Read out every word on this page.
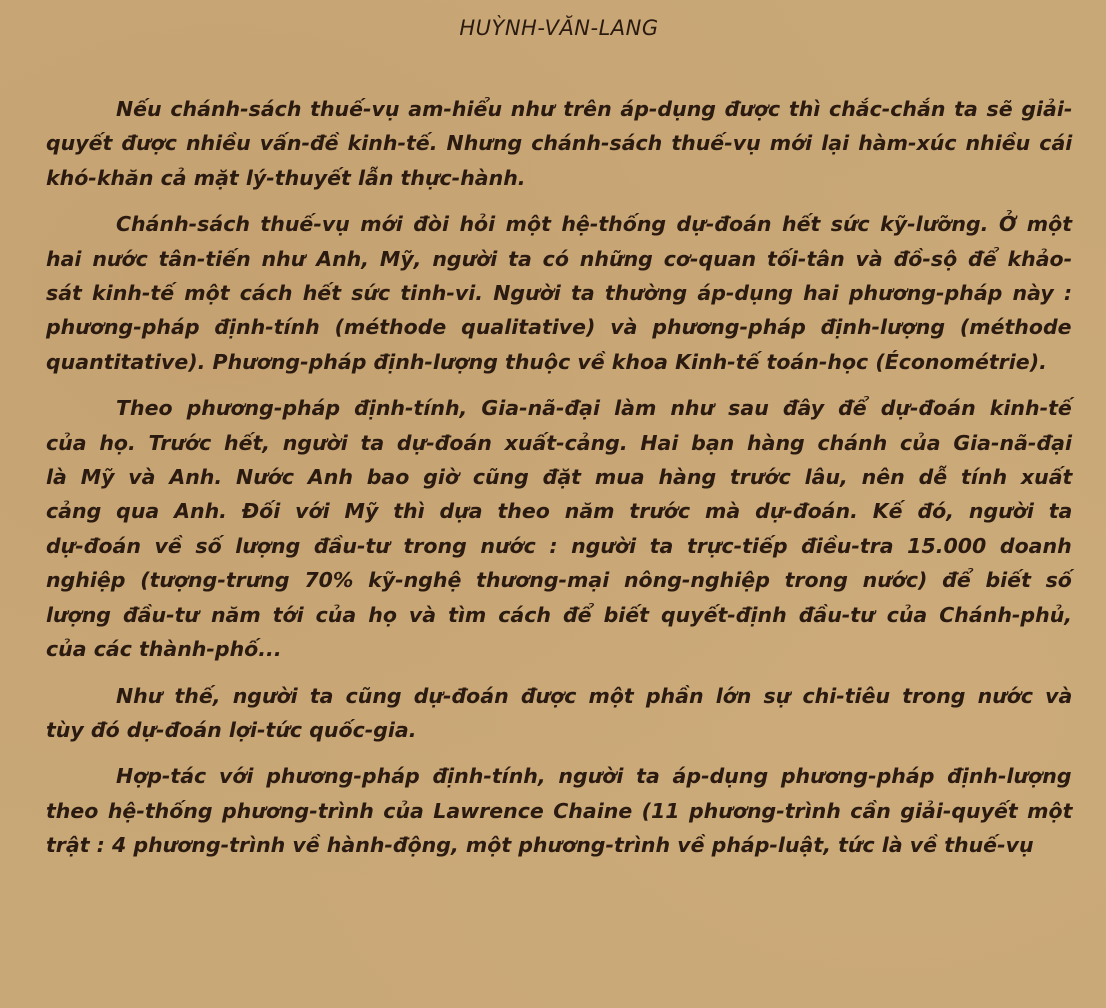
HUỲNH-VĂN-LANG
Nếu chánh-sách thuế-vụ am-hiểu như trên áp-dụng được thì chắc-chắn ta sẽ giải-
quyết được nhiều vấn-đề kinh-tế. Nhưng chánh-sách thuế-vụ mới lại hàm-xúc nhiều cái
khó-khăn cả mặt lý-thuyết lẫn thực-hành.
Chánh-sách thuế-vụ mới đòi hỏi một hệ-thống dự-đoán hết sức kỹ-lưỡng. Ở một
hai nước tân-tiến như Anh, Mỹ, người ta có những cơ-quan tối-tân và đồ-sộ để khảo-
sát kinh-tế một cách hết sức tinh-vi. Người ta thường áp-dụng hai phương-pháp này :
phương-pháp định-tính (méthode qualitative) và phương-pháp định-lượng (méthode
quantitative). Phương-pháp định-lượng thuộc về khoa Kinh-tế toán-học (Économétrie).
Theo phương-pháp định-tính, Gia-nã-đại làm như sau đây để dự-đoán kinh-tế
của họ. Trước hết, người ta dự-đoán xuất-cảng. Hai bạn hàng chánh của Gia-nã-đại
là Mỹ và Anh. Nước Anh bao giờ cũng đặt mua hàng trước lâu, nên dễ tính xuất
cảng qua Anh. Đối với Mỹ thì dựa theo năm trước mà dự-đoán. Kế đó, người ta
dự-đoán về số lượng đầu-tư trong nước : người ta trực-tiếp điều-tra 15.000 doanh
nghiệp (tượng-trưng 70% kỹ-nghệ thương-mại nông-nghiệp trong nước) để biết số
lượng đầu-tư năm tới của họ và tìm cách để biết quyết-định đầu-tư của Chánh-phủ,
của các thành-phố...
Như thế, người ta cũng dự-đoán được một phần lớn sự chi-tiêu trong nước và
tùy đó dự-đoán lợi-tức quốc-gia.
Hợp-tác với phương-pháp định-tính, người ta áp-dụng phương-pháp định-lượng
theo hệ-thống phương-trình của Lawrence Chaine (11 phương-trình cần giải-quyết một
trật : 4 phương-trình về hành-động, một phương-trình về pháp-luật, tức là về thuế-vụ
